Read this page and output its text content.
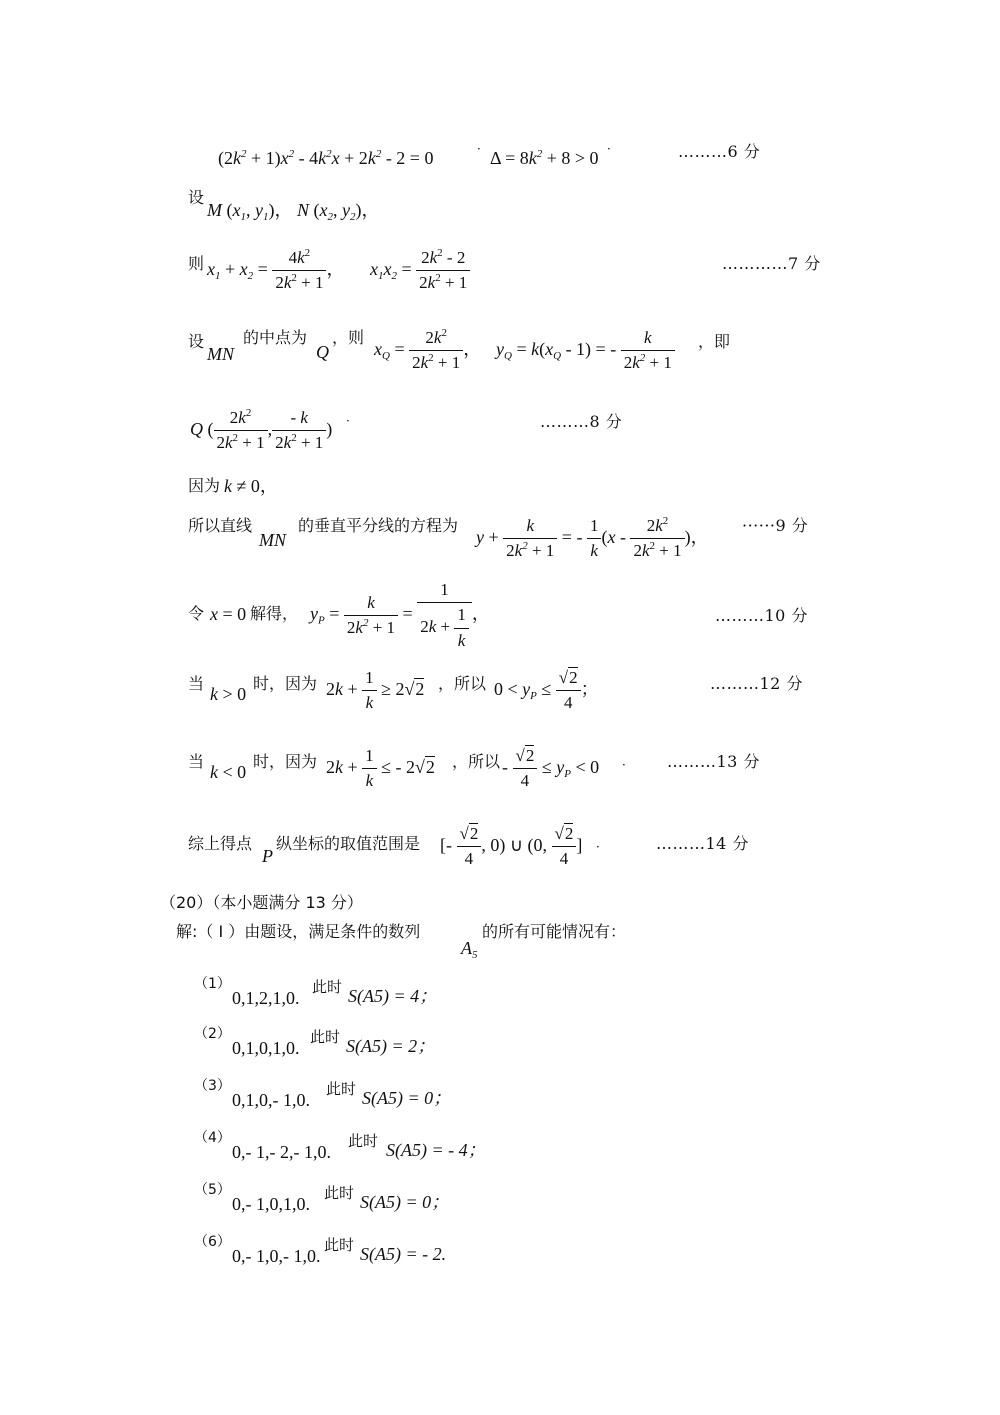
$(2k^2 + 1)x^2 - 4k^2x + 2k^2 - 2 = 0$	· $\Delta = 8k^2 + 8 > 0$ ·	………6 分
设
M ($x_1$, $y_1$)， N ($x_2$, $y_2$)，
则 $x_1 + x_2 = \frac{4k^2}{2k^2 + 1}$ ， $x_1x_2 = \frac{2k^2 - 2}{2k^2 + 1}$	…………7 分
设
MN
的中点为
Q
，则
$x_Q = \frac{2k^2}{2k^2 + 1}$ ， $y_Q = k(x_Q - 1)$ = - $\frac{k}{2k^2 + 1}$ ，即
Q ( $\frac{2k^2}{2k^2 + 1}$ , $\frac{- k}{2k^2 + 1}$ ) ·	………8 分
因为 k ≠ 0，
所以直线
MN
的垂直平分线的方程为
$y + \frac{k}{2k^2 + 1}$ = - $\frac{1}{k} (x - \frac{2k^2}{2k^2 + 1}$ )，
······9 分
令 x = 0 解得， $y_P = \frac{k}{2k^2 + 1} = \frac{1}{2k + \frac{1}{k}}$ ，	………10 分
当
k > 0
时，因为 $2k + \frac{1}{k} \ge 2√2$ ，所以 $0 < y_P \le \frac{√2}{4}$ ；	………12 分
当
k < 0
时，因为 $2k + \frac{1}{k}$ ≤ - 2√2 ，所以 - $\frac{√2}{4} \le y_P < 0$ ·	………13 分
综上得点
P
纵坐标的取值范围是 [- $\frac{√2}{4}$ , 0) ∪ (0, $\frac{√2}{4}$ ] ·	………14 分
（20）（本小题满分 13 分）
解:（ I ）由题设，满足条件的数列
$A_5$
的所有可能情况有：
（1）
0,1,2,1,0.
此时 S(A5) = 4；
（2）
0,1,0,1,0.
此时 S(A5) = 2；
（3）
0,1,0,- 1,0.
此时 S(A5) = 0；
（4）
0,- 1,- 2,- 1,0.
此时 S(A5) = - 4；
（5）
0,- 1,0,1,0.
此时 S(A5) = 0；
（6）
0,- 1,0,- 1,0.
此时 S(A5) = - 2.
